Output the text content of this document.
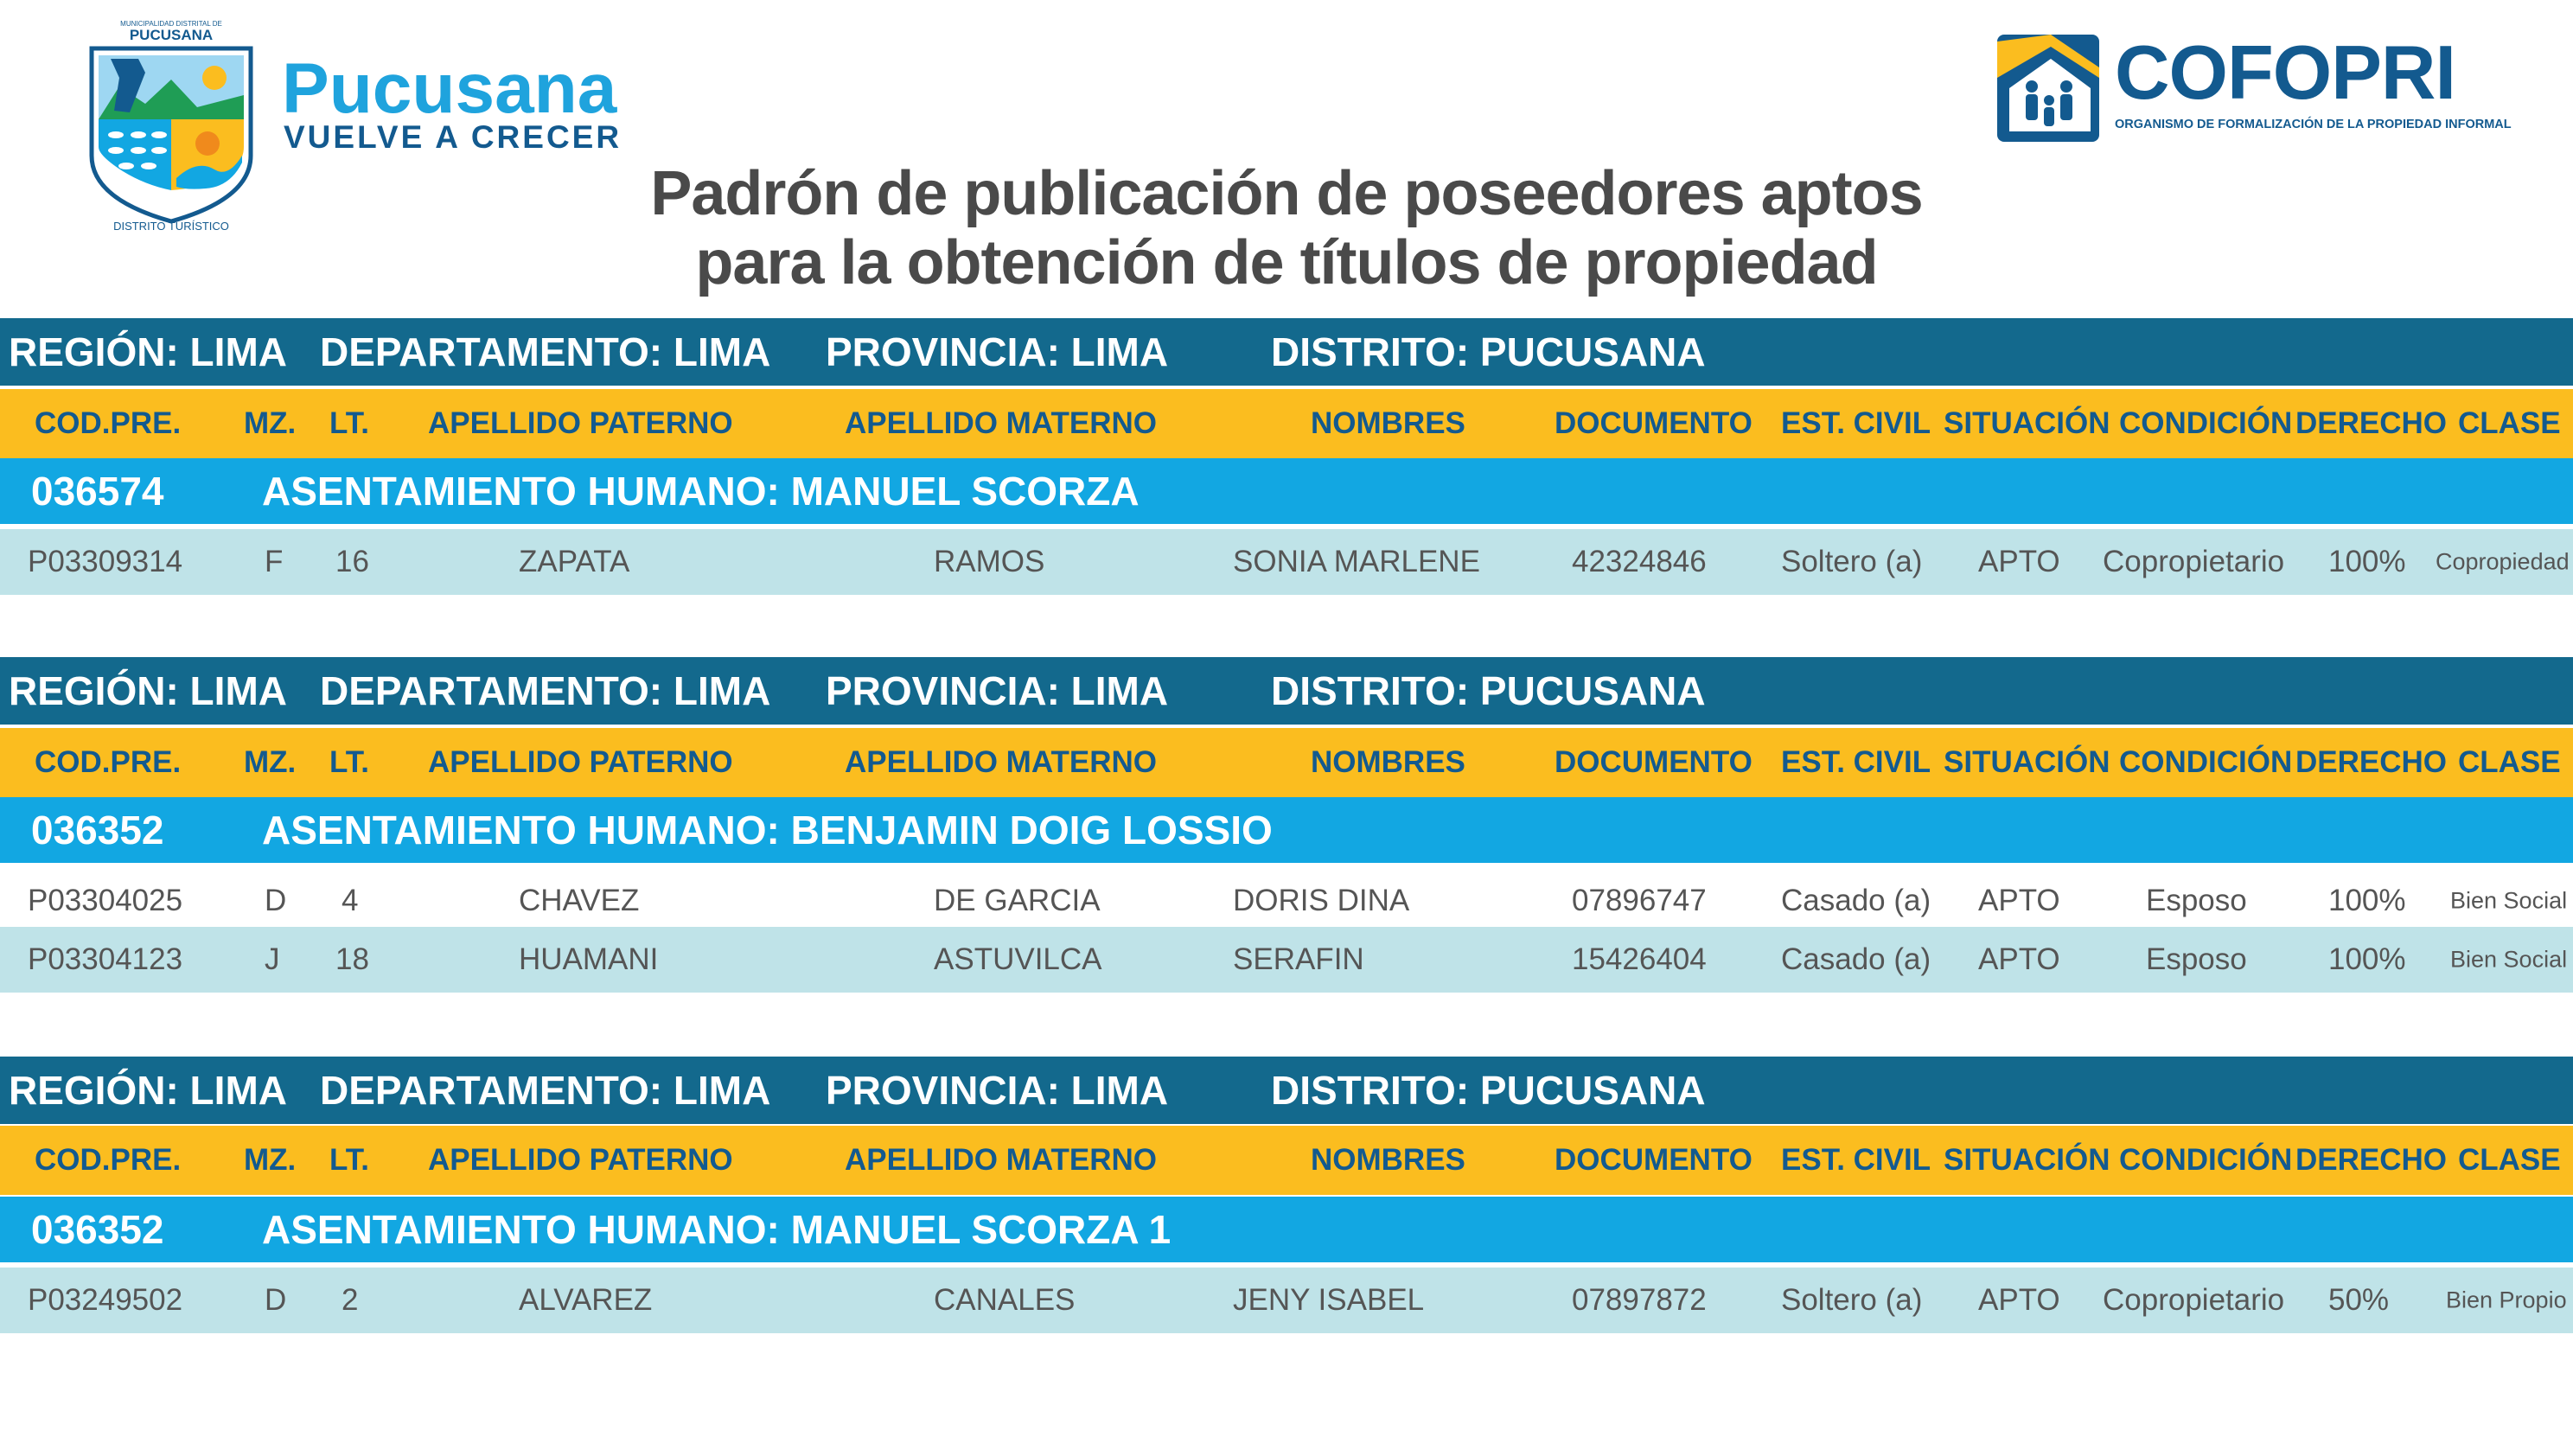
MUNICIPALIDAD DISTRITAL DE
PUCUSANA
DISTRITO TURÍSTICO
Pucusana
VUELVE A CRECER
COFOPRI
ORGANISMO DE FORMALIZACIÓN DE LA PROPIEDAD INFORMAL
Padrón de publicación de poseedores aptos
para la obtención de títulos de propiedad
REGIÓN: LIMA DEPARTAMENTO: LIMA PROVINCIA: LIMA	DISTRITO: PUCUSANA
COD.PRE. MZ. LT. APELLIDO PATERNO	APELLIDO MATERNO	NOMBRES	DOCUMENTO EST. CIVIL SITUACIÓN CONDICIÓN DERECHO CLASE
036574 ASENTAMIENTO HUMANO: MANUEL SCORZA
P03309314	F 16	ZAPATA	RAMOS	SONIA MARLENE	42324846 Soltero (a) APTO Copropietario 100% Copropiedad
REGIÓN: LIMA DEPARTAMENTO: LIMA PROVINCIA: LIMA	DISTRITO: PUCUSANA
COD.PRE. MZ. LT. APELLIDO PATERNO	APELLIDO MATERNO	NOMBRES	DOCUMENTO EST. CIVIL SITUACIÓN CONDICIÓN DERECHO CLASE
036352 ASENTAMIENTO HUMANO: BENJAMIN DOIG LOSSIO
P03304025	D 4	CHAVEZ	DE GARCIA	DORIS DINA	07896747 Casado (a) APTO	Esposo	100% Bien Social
P03304123	J 18	HUAMANI	ASTUVILCA	SERAFIN	15426404 Casado (a) APTO	Esposo	100% Bien Social
REGIÓN: LIMA DEPARTAMENTO: LIMA PROVINCIA: LIMA	DISTRITO: PUCUSANA
COD.PRE. MZ. LT. APELLIDO PATERNO	APELLIDO MATERNO	NOMBRES	DOCUMENTO EST. CIVIL SITUACIÓN CONDICIÓN DERECHO CLASE
036352 ASENTAMIENTO HUMANO: MANUEL SCORZA 1
P03249502	D 2	ALVAREZ	CANALES	JENY ISABEL	07897872 Soltero (a) APTO Copropietario 50% Bien Propio
